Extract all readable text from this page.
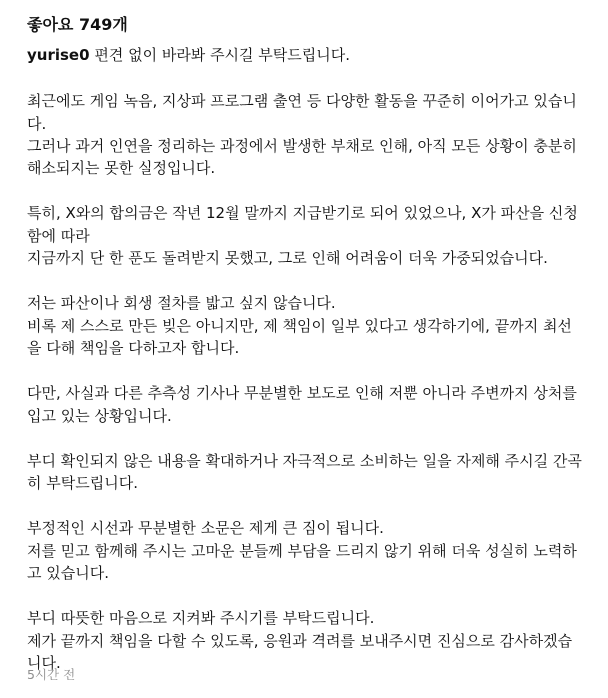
좋아요 749개
yurise0 편견 없이 바라봐 주시길 부탁드립니다.
최근에도 게임 녹음, 지상파 프로그램 출연 등 다양한 활동을 꾸준히 이어가고 있습니
다.
그러나 과거 인연을 정리하는 과정에서 발생한 부채로 인해, 아직 모든 상황이 충분히
해소되지는 못한 실정입니다.
특히, X와의 합의금은 작년 12월 말까지 지급받기로 되어 있었으나, X가 파산을 신청
함에 따라
지금까지 단 한 푼도 돌려받지 못했고, 그로 인해 어려움이 더욱 가중되었습니다.
저는 파산이나 회생 절차를 밟고 싶지 않습니다.
비록 제 스스로 만든 빚은 아니지만, 제 책임이 일부 있다고 생각하기에, 끝까지 최선
을 다해 책임을 다하고자 합니다.
다만, 사실과 다른 추측성 기사나 무분별한 보도로 인해 저뿐 아니라 주변까지 상처를
입고 있는 상황입니다.
부디 확인되지 않은 내용을 확대하거나 자극적으로 소비하는 일을 자제해 주시길 간곡
히 부탁드립니다.
부정적인 시선과 무분별한 소문은 제게 큰 짐이 됩니다.
저를 믿고 함께해 주시는 고마운 분들께 부담을 드리지 않기 위해 더욱 성실히 노력하
고 있습니다.
부디 따뜻한 마음으로 지켜봐 주시기를 부탁드립니다.
제가 끝까지 책임을 다할 수 있도록, 응원과 격려를 보내주시면 진심으로 감사하겠습
니다.
5시간 전
